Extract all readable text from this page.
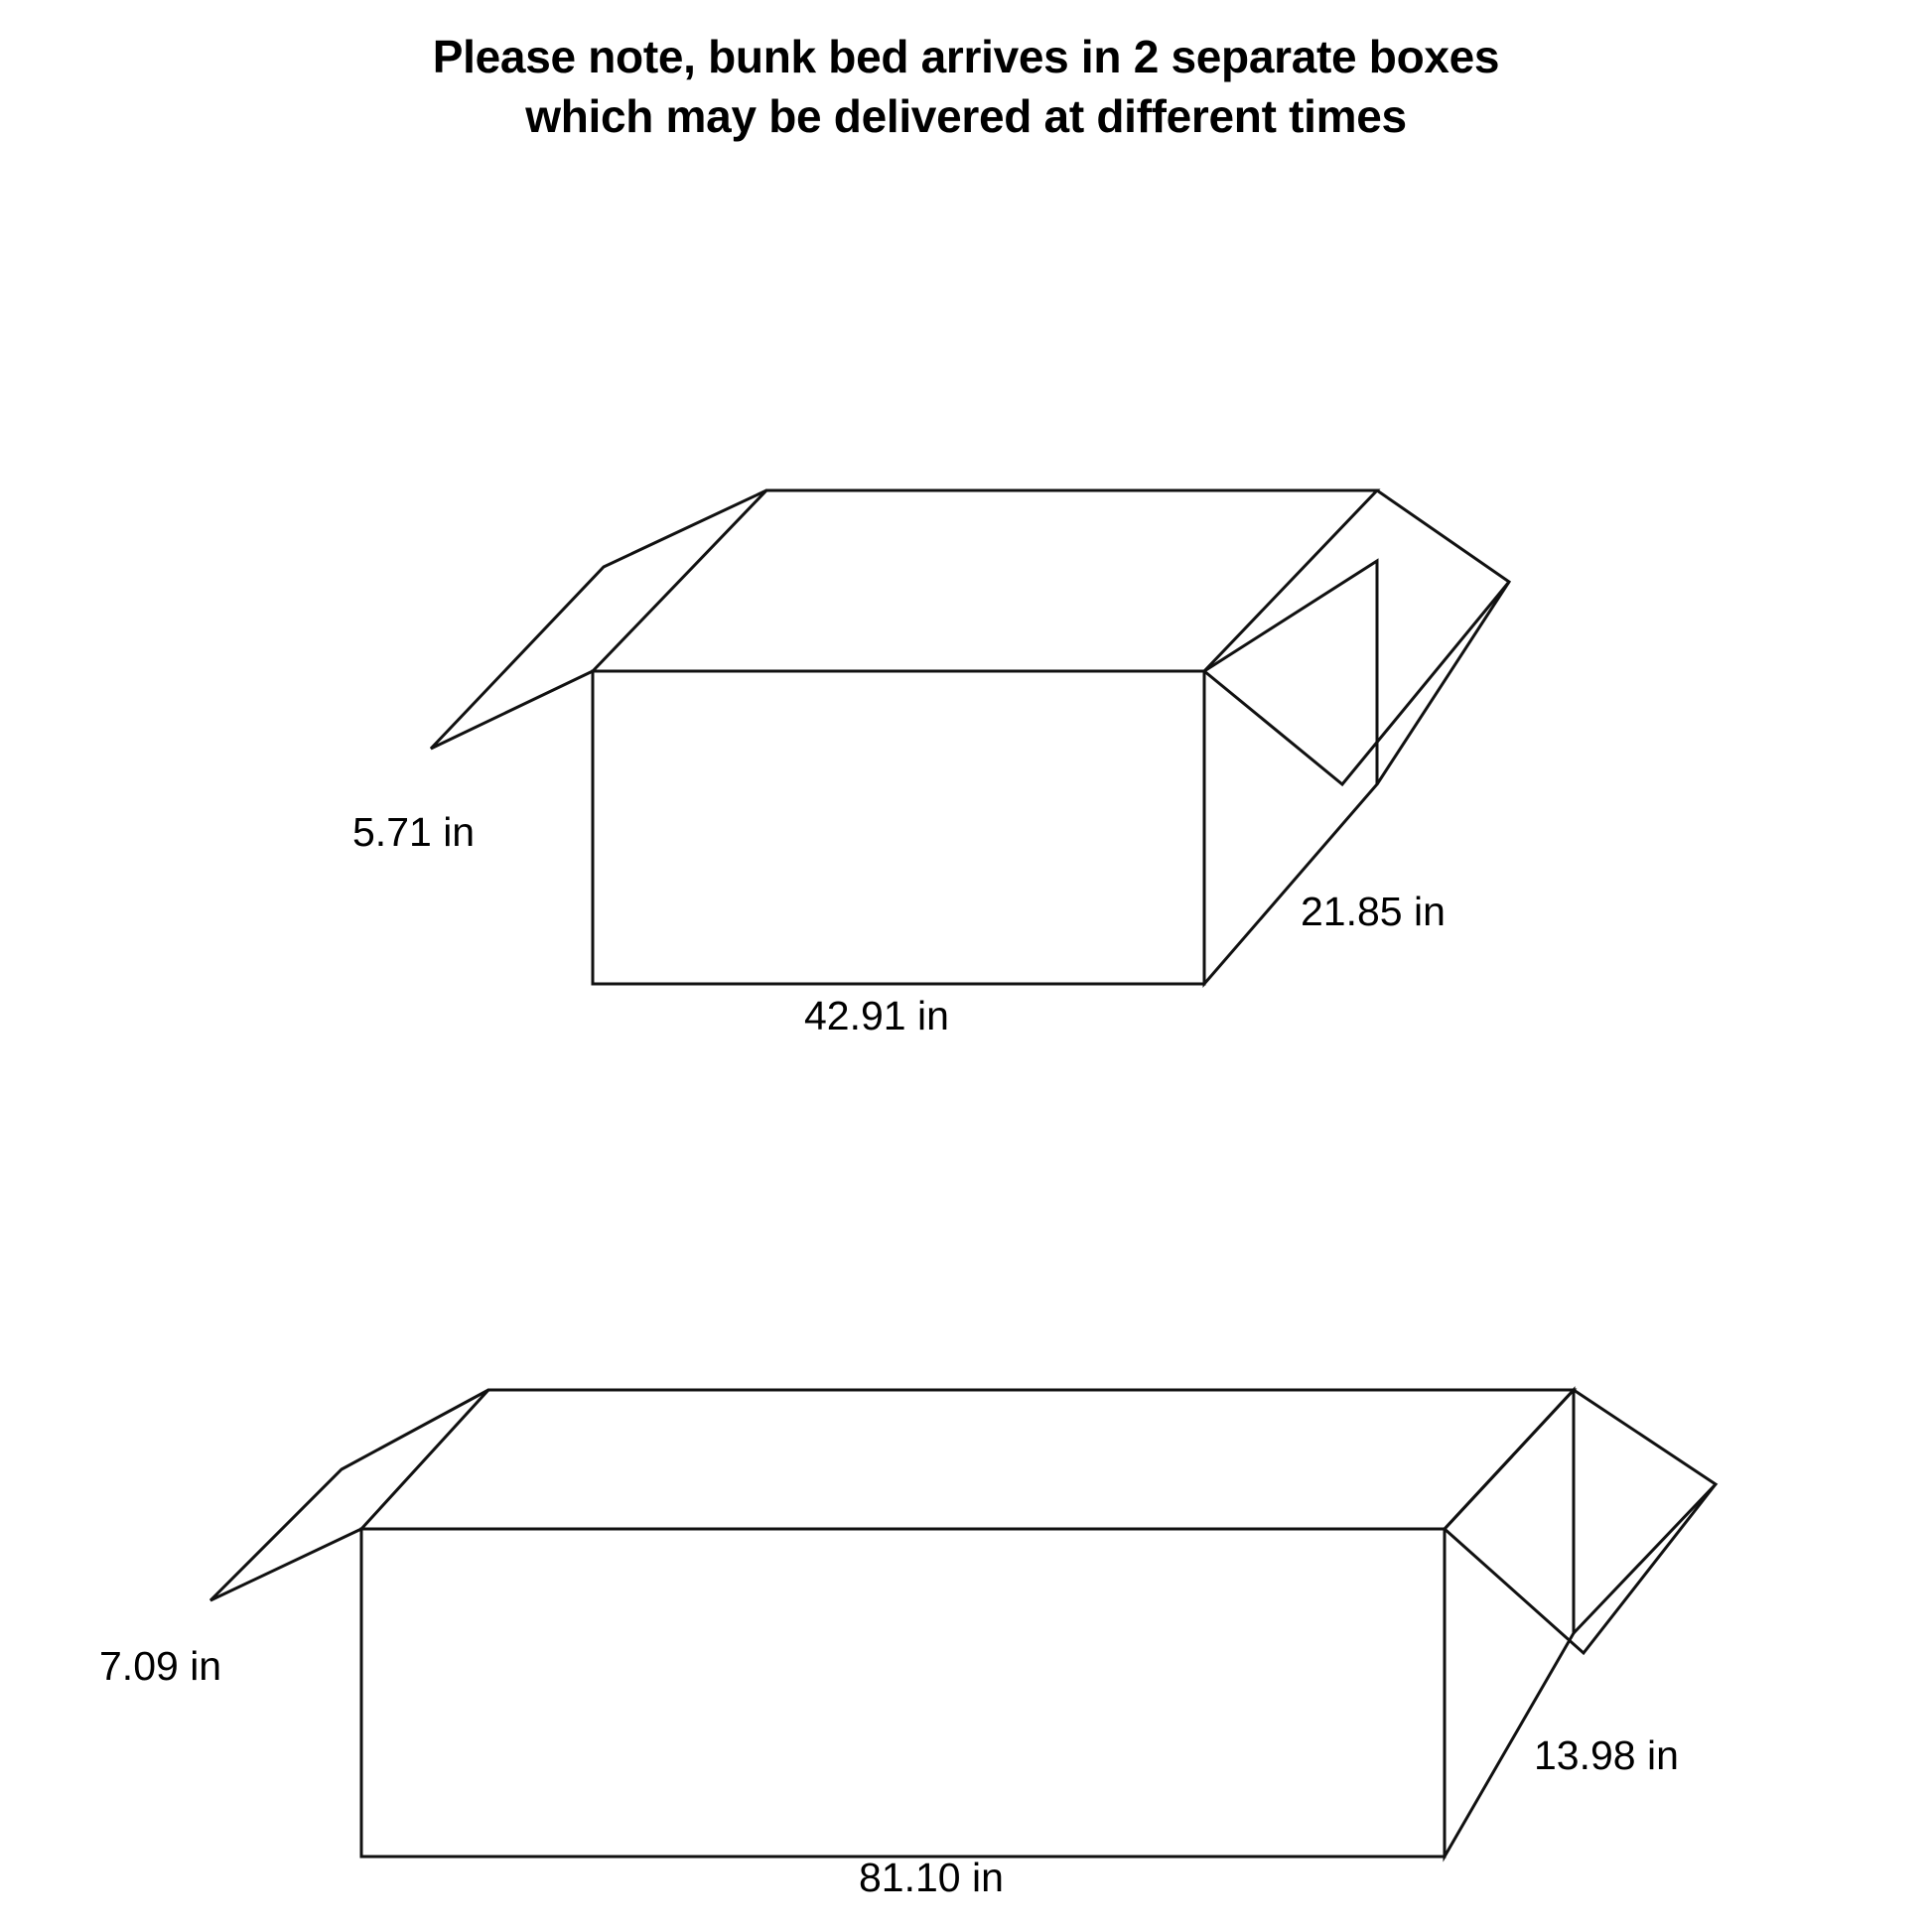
Please note, bunk bed arrives in 2 separate boxes
which may be delivered at different times
5.71 in
21.85 in
42.91 in
7.09 in
13.98 in
81.10 in
